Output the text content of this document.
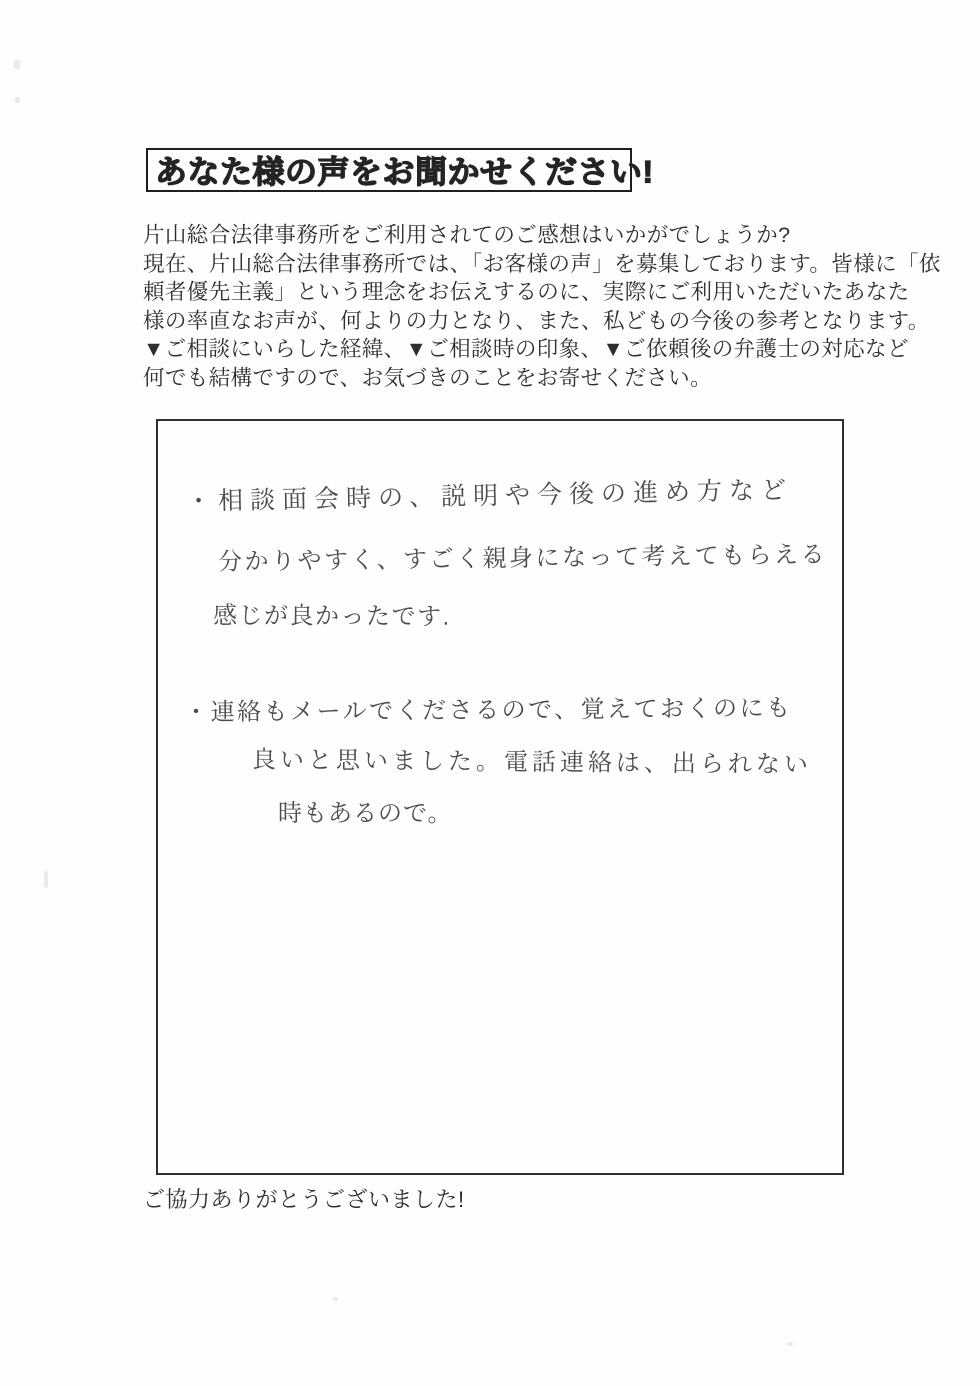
あなた様の声をお聞かせください!
片山総合法律事務所をご利用されてのご感想はいかがでしょうか?
現在、片山総合法律事務所では、「お客様の声」を募集しております。皆様に「依
頼者優先主義」という理念をお伝えするのに、実際にご利用いただいたあなた
様の率直なお声が、何よりの力となり、また、私どもの今後の参考となります。
▼ご相談にいらした経緯、▼ご相談時の印象、▼ご依頼後の弁護士の対応など
何でも結構ですので、お気づきのことをお寄せください。
・相談面会時の、説明や今後の進め方など
分かりやすく、すごく親身になって考えてもらえる
感じが良かったです.
・連絡もメールでくださるので、覚えておくのにも
良いと思いました。電話連絡は、出られない
時もあるので。
ご協力ありがとうございました!
